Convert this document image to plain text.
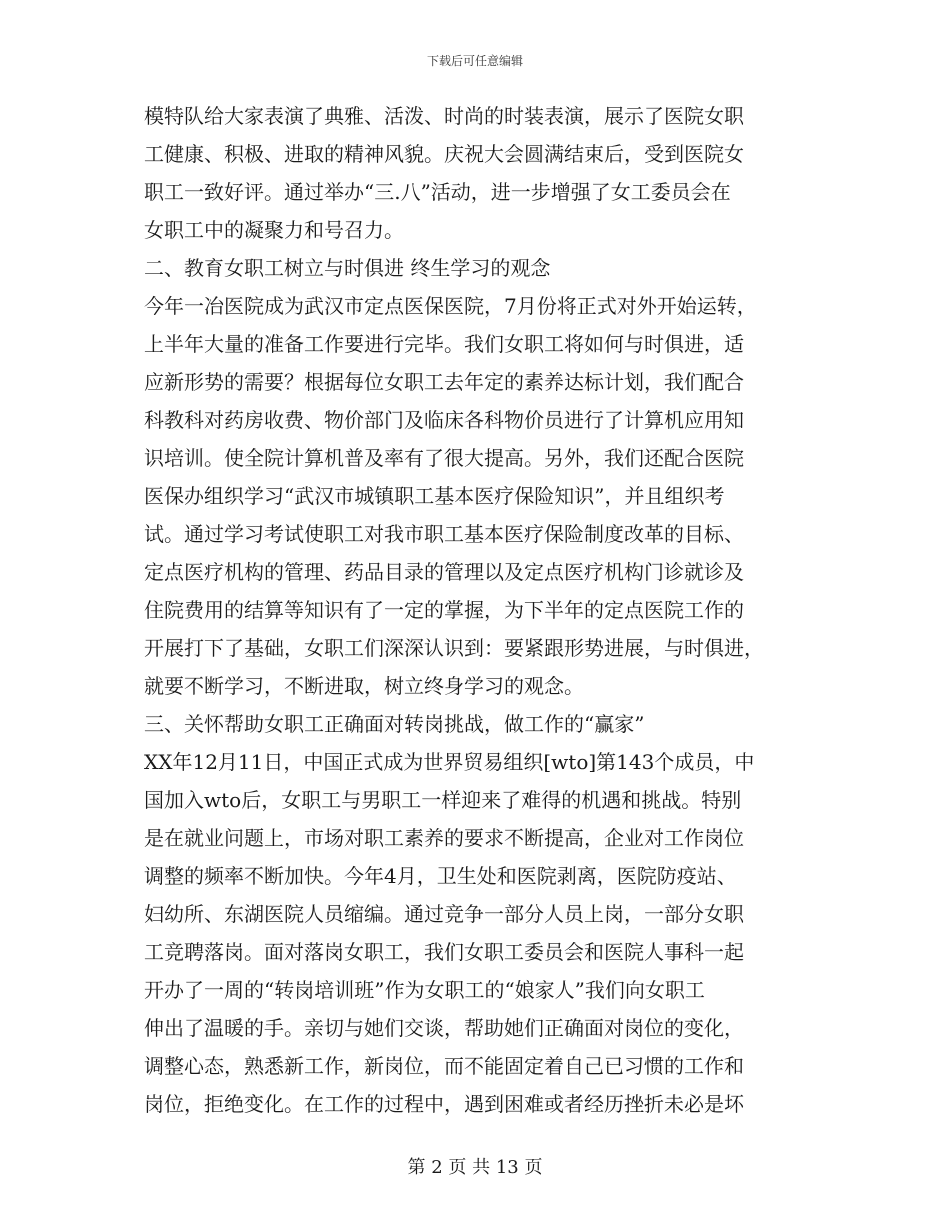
下载后可任意编辑
模特队给大家表演了典雅、活泼、时尚的时装表演，展示了医院女职
工健康、积极、进取的精神风貌。庆祝大会圆满结束后，受到医院女
职工一致好评。通过举办“三.八”活动，进一步增强了女工委员会在
女职工中的凝聚力和号召力。
二、教育女职工树立与时俱进 终生学习的观念
今年一冶医院成为武汉市定点医保医院，7月份将正式对外开始运转，
上半年大量的准备工作要进行完毕。我们女职工将如何与时俱进，适
应新形势的需要？根据每位女职工去年定的素养达标计划，我们配合
科教科对药房收费、物价部门及临床各科物价员进行了计算机应用知
识培训。使全院计算机普及率有了很大提高。另外，我们还配合医院
医保办组织学习“武汉市城镇职工基本医疗保险知识”，并且组织考
试。通过学习考试使职工对我市职工基本医疗保险制度改革的目标、
定点医疗机构的管理、药品目录的管理以及定点医疗机构门诊就诊及
住院费用的结算等知识有了一定的掌握，为下半年的定点医院工作的
开展打下了基础，女职工们深深认识到：要紧跟形势进展，与时俱进，
就要不断学习，不断进取，树立终身学习的观念。
三、关怀帮助女职工正确面对转岗挑战，做工作的“赢家”
XX年12月11日，中国正式成为世界贸易组织[wto]第143个成员，中
国加入wto后，女职工与男职工一样迎来了难得的机遇和挑战。特别
是在就业问题上，市场对职工素养的要求不断提高，企业对工作岗位
调整的频率不断加快。今年4月，卫生处和医院剥离，医院防疫站、
妇幼所、东湖医院人员缩编。通过竞争一部分人员上岗，一部分女职
工竞聘落岗。面对落岗女职工，我们女职工委员会和医院人事科一起
开办了一周的“转岗培训班”作为女职工的“娘家人”我们向女职工
伸出了温暖的手。亲切与她们交谈，帮助她们正确面对岗位的变化，
调整心态，熟悉新工作，新岗位，而不能固定着自己已习惯的工作和
岗位，拒绝变化。在工作的过程中，遇到困难或者经历挫折未必是坏
第 2 页 共 13 页
